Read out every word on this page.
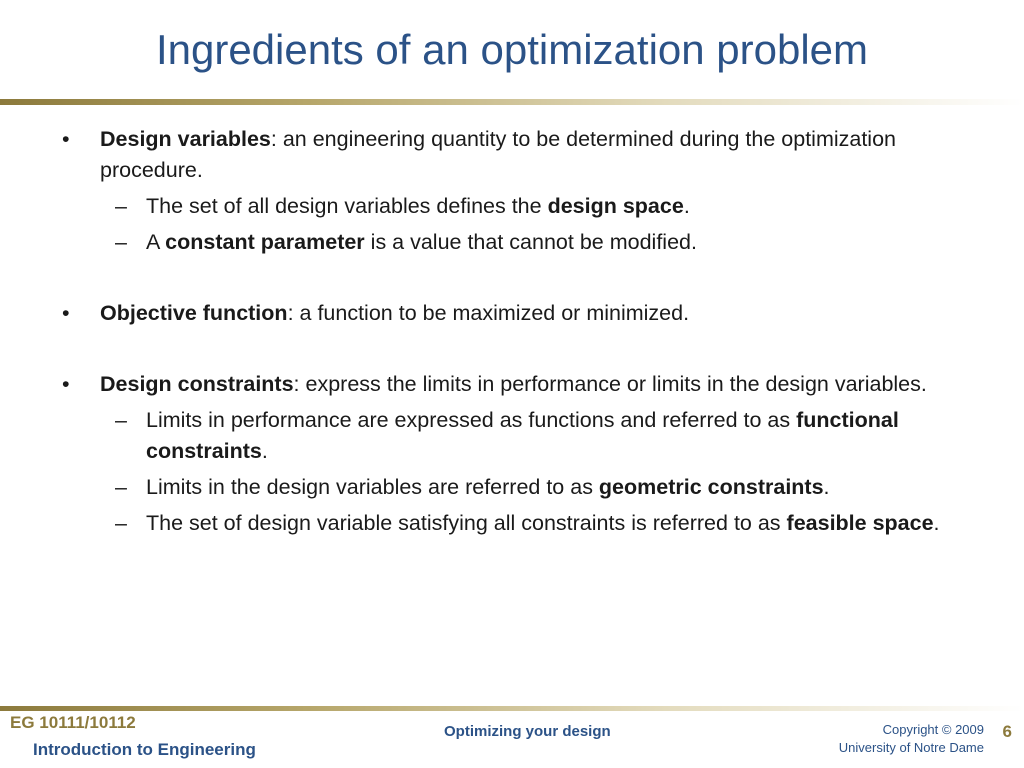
Ingredients of an optimization problem
• Design variables: an engineering quantity to be determined during the optimization procedure.
– The set of all design variables defines the design space.
– A constant parameter is a value that cannot be modified.
• Objective function: a function to be maximized or minimized.
• Design constraints: express the limits in performance or limits in the design variables.
– Limits in performance are expressed as functions and referred to as functional constraints.
– Limits in the design variables are referred to as geometric constraints.
– The set of design variable satisfying all constraints is referred to as feasible space.
EG 10111/10112
Introduction to Engineering
Optimizing your design	Copyright © 2009
University of Notre Dame
6
